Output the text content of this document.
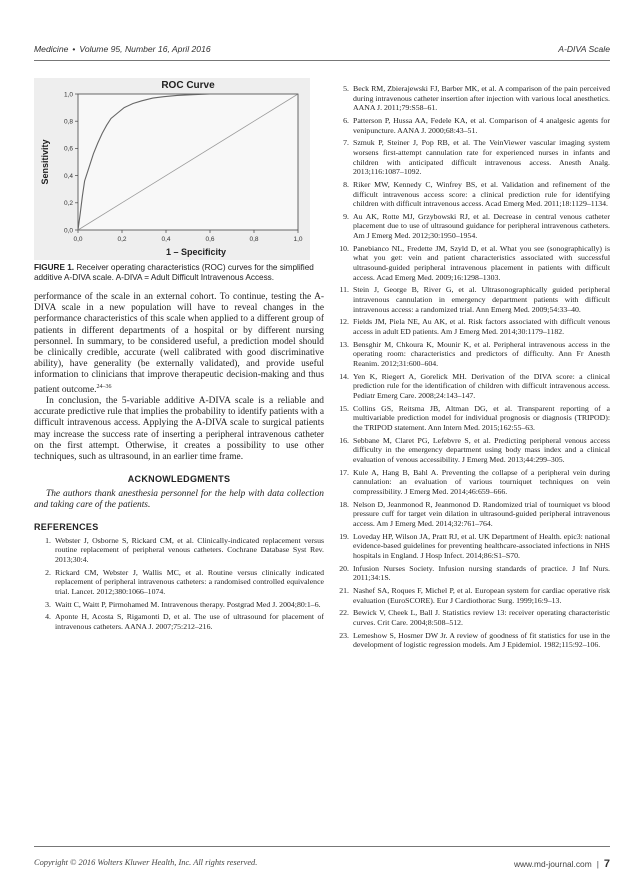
Medicine • Volume 95, Number 16, April 2016	A-DIVA Scale
ROC Curve
0,0	0,2	0,4	0,6	0,8	1,0
0,0
0,2
0,4
0,6
0,8
1,0
1 – Specificity
Sensitivity
FIGURE 1. Receiver operating characteristics (ROC) curves for the simplified additive A-DIVA scale. A-DIVA = Adult Difficult Intravenous Access.

performance of the scale in an external cohort. To continue, testing the A-DIVA scale in a new population will have to reveal changes in the performance characteristics of this scale when applied to a different group of patients in different departments of a hospital or by different nursing personnel. In summary, to be considered useful, a prediction model should be clinically credible, accurate (well calibrated with good discriminative ability), have generality (be externally validated), and provide useful information to clinicians that improve therapeutic decision-making and thus patient outcome.$^{24-36}$

In conclusion, the 5-variable additive A-DIVA scale is a reliable and accurate predictive rule that implies the probability to identify patients with a difficult intravenous access. Applying the A-DIVA scale to surgical patients may increase the success rate of inserting a peripheral intravenous catheter on the first attempt. Otherwise, it creates a possibility to use other techniques, such as ultrasound, in an earlier time frame.

ACKNOWLEDGMENTS

The authors thank anesthesia personnel for the help with data collection and taking care of the patients.

REFERENCES
1. Webster J, Osborne S, Rickard CM, et al. Clinically-indicated replacement versus routine replacement of peripheral venous catheters. Cochrane Database Syst Rev. 2013;30:4.
2. Rickard CM, Webster J, Wallis MC, et al. Routine versus clinically indicated replacement of peripheral intravenous catheters: a randomised controlled equivalence trial. Lancet. 2012;380:1066–1074.
3. Waitt C, Waitt P, Pirmohamed M. Intravenous therapy. Postgrad Med J. 2004;80:1–6.
4. Aponte H, Acosta S, Rigamonti D, et al. The use of ultrasound for placement of intravenous catheters. AANA J. 2007;75:212–216.
5. Beck RM, Zbierajewski FJ, Barber MK, et al. A comparison of the pain perceived during intravenous catheter insertion after injection with various local anesthetics. AANA J. 2011;79:S58–61.
6. Patterson P, Hussa AA, Fedele KA, et al. Comparison of 4 analgesic agents for venipuncture. AANA J. 2000;68:43–51.
7. Szmuk P, Steiner J, Pop RB, et al. The VeinViewer vascular imaging system worsens first-attempt cannulation rate for experienced nurses in infants and children with anticipated difficult intravenous access. Anesth Analg. 2013;116:1087–1092.
8. Riker MW, Kennedy C, Winfrey BS, et al. Validation and refinement of the difficult intravenous access score: a clinical prediction rule for identifying children with difficult intravenous access. Acad Emerg Med. 2011;18:1129–1134.
9. Au AK, Rotte MJ, Grzybowski RJ, et al. Decrease in central venous catheter placement due to use of ultrasound guidance for peripheral intravenous catheters. Am J Emerg Med. 2012;30:1950–1954.
10. Panebianco NL, Fredette JM, Szyld D, et al. What you see (sonographically) is what you get: vein and patient characteristics associated with successful ultrasound-guided peripheral intravenous placement in patients with difficult access. Acad Emerg Med. 2009;16:1298–1303.
11. Stein J, George B, River G, et al. Ultrasonographically guided peripheral intravenous cannulation in emergency department patients with difficult intravenous access: a randomized trial. Ann Emerg Med. 2009;54:33–40.
12. Fields JM, Piela NE, Au AK, et al. Risk factors associated with difficult venous access in adult ED patients. Am J Emerg Med. 2014;30:1179–1182.
13. Bensghir M, Chkoura K, Mounir K, et al. Peripheral intravenous access in the operating room: characteristics and predictors of difficulty. Ann Fr Anesth Reanim. 2012;31:600–604.
14. Yen K, Riegert A, Gorelick MH. Derivation of the DIVA score: a clinical prediction rule for the identification of children with difficult intravenous access. Pediatr Emerg Care. 2008;24:143–147.
15. Collins GS, Reitsma JB, Altman DG, et al. Transparent reporting of a multivariable prediction model for individual prognosis or diagnosis (TRIPOD): the TRIPOD statement. Ann Intern Med. 2015;162:55–63.
16. Sebbane M, Claret PG, Lefebvre S, et al. Predicting peripheral venous access difficulty in the emergency department using body mass index and a clinical evaluation of venous accessibility. J Emerg Med. 2013;44:299–305.
17. Kule A, Hang B, Bahl A. Preventing the collapse of a peripheral vein during cannulation: an evaluation of various tourniquet techniques on vein compressibility. J Emerg Med. 2014;46:659–666.
18. Nelson D, Jeanmonod R, Jeanmonod D. Randomized trial of tourniquet vs blood pressure cuff for target vein dilation in ultrasound-guided peripheral intravenous access. Am J Emerg Med. 2014;32:761–764.
19. Loveday HP, Wilson JA, Pratt RJ, et al. UK Department of Health. epic3: national evidence-based guidelines for preventing healthcare-associated infections in NHS hospitals in England. J Hosp Infect. 2014;86:S1–S70.
20. Infusion Nurses Society. Infusion nursing standards of practice. J Inf Nurs. 2011;34:1S.
21. Nashef SA, Roques F, Michel P, et al. European system for cardiac operative risk evaluation (EuroSCORE). Eur J Cardiothorac Surg. 1999;16:9–13.
22. Bewick V, Cheek L, Ball J. Statistics review 13: receiver operating characteristic curves. Crit Care. 2004;8:508–512.
23. Lemeshow S, Hosmer DW Jr. A review of goodness of fit statistics for use in the development of logistic regression models. Am J Epidemiol. 1982;115:92–106.
Copyright © 2016 Wolters Kluwer Health, Inc. All rights reserved.	www.md-journal.com | 7
